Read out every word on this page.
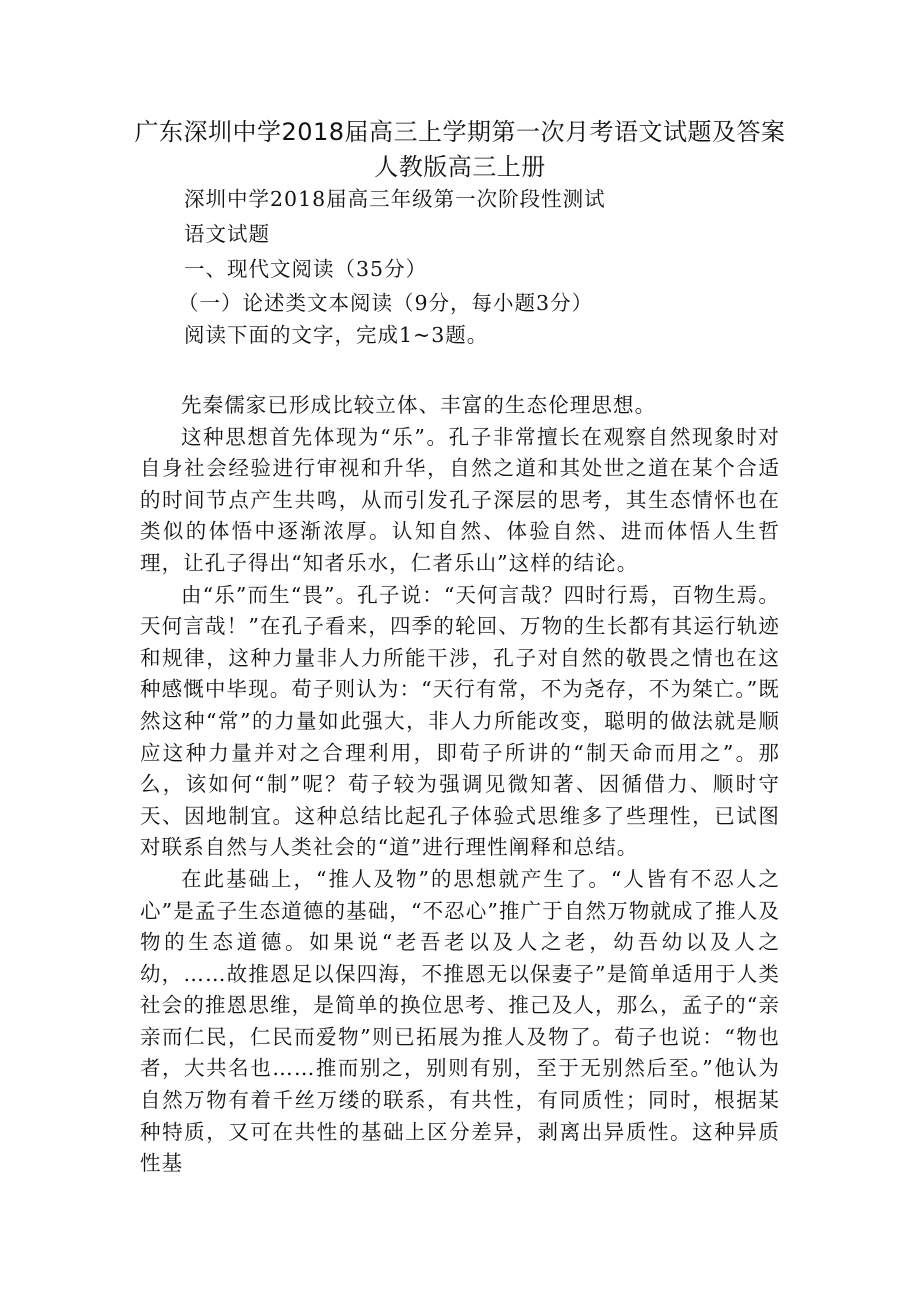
广东深圳中学2018届高三上学期第一次月考语文试题及答案
人教版高三上册
深圳中学2018届高三年级第一次阶段性测试
语文试题
一、现代文阅读（35分）
（一）论述类文本阅读（9分，每小题3分）
阅读下面的文字，完成1~3题。

先秦儒家已形成比较立体、丰富的生态伦理思想。

这种思想首先体现为“乐”。孔子非常擅长在观察自然现象时对自身社会经验进行审视和升华，自然之道和其处世之道在某个合适的时间节点产生共鸣，从而引发孔子深层的思考，其生态情怀也在类似的体悟中逐渐浓厚。认知自然、体验自然、进而体悟人生哲理，让孔子得出“知者乐水，仁者乐山”这样的结论。

由“乐”而生“畏”。孔子说：“天何言哉？四时行焉，百物生焉。天何言哉！”在孔子看来，四季的轮回、万物的生长都有其运行轨迹和规律，这种力量非人力所能干涉，孔子对自然的敬畏之情也在这种感慨中毕现。荀子则认为：“天行有常，不为尧存，不为桀亡。”既然这种“常”的力量如此强大，非人力所能改变，聪明的做法就是顺应这种力量并对之合理利用，即荀子所讲的“制天命而用之”。那么，该如何“制”呢？荀子较为强调见微知著、因循借力、顺时守天、因地制宜。这种总结比起孔子体验式思维多了些理性，已试图对联系自然与人类社会的“道”进行理性阐释和总结。

在此基础上，“推人及物”的思想就产生了。“人皆有不忍人之心”是孟子生态道德的基础，“不忍心”推广于自然万物就成了推人及物的生态道德。如果说“老吾老以及人之老，幼吾幼以及人之幼，……故推恩足以保四海，不推恩无以保妻子”是简单适用于人类社会的推恩思维，是简单的换位思考、推己及人，那么，孟子的“亲亲而仁民，仁民而爱物”则已拓展为推人及物了。荀子也说：“物也者，大共名也……推而别之，别则有别，至于无别然后至。”他认为自然万物有着千丝万缕的联系，有共性，有同质性；同时，根据某种特质，又可在共性的基础上区分差异，剥离出异质性。这种异质性基
